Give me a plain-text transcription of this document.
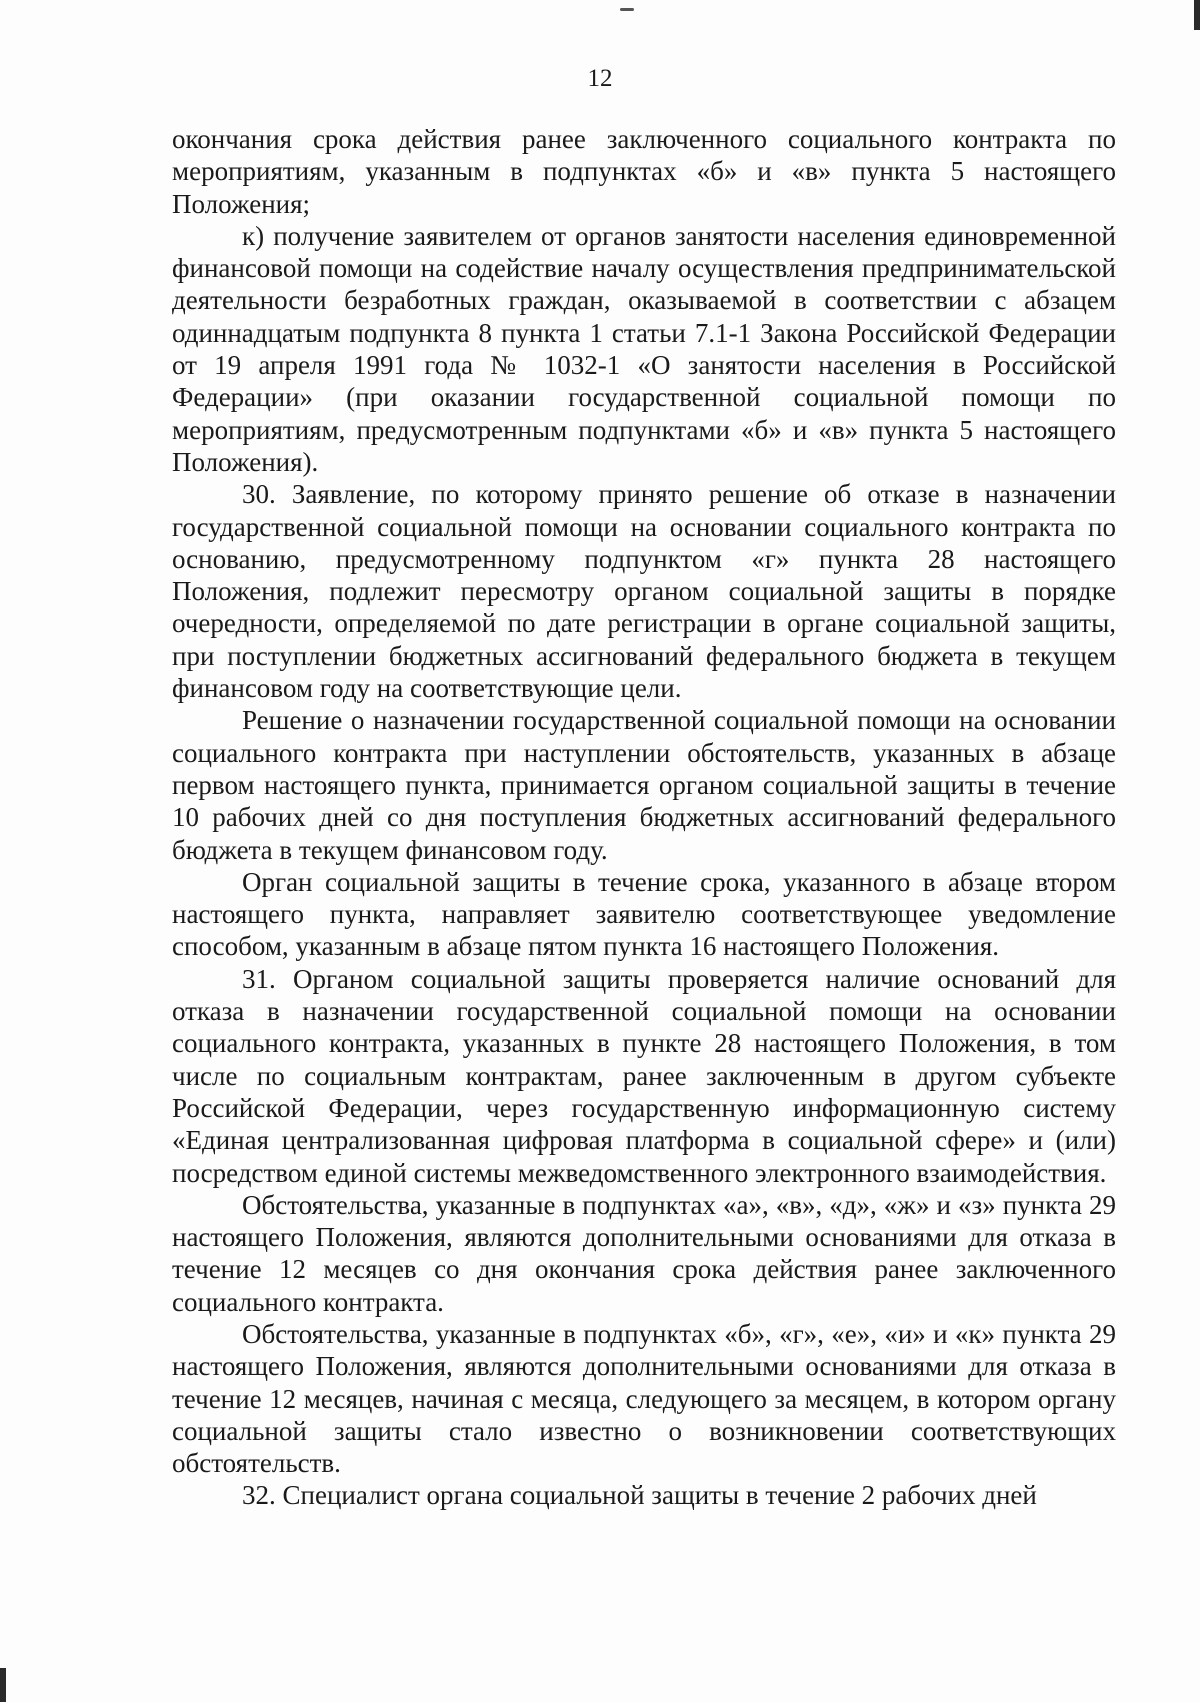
12

окончания срока действия ранее заключенного социального контракта по мероприятиям, указанным в подпунктах «б» и «в» пункта 5 настоящего Положения;

к) получение заявителем от органов занятости населения единовременной финансовой помощи на содействие началу осуществления предпринимательской деятельности безработных граждан, оказываемой в соответствии с абзацем одиннадцатым подпункта 8 пункта 1 статьи 7.1-1 Закона Российской Федерации от 19 апреля 1991 года № 1032-1 «О занятости населения в Российской Федерации» (при оказании государственной социальной помощи по мероприятиям, предусмотренным подпунктами «б» и «в» пункта 5 настоящего Положения).

30. Заявление, по которому принято решение об отказе в назначении государственной социальной помощи на основании социального контракта по основанию, предусмотренному подпунктом «г» пункта 28 настоящего Положения, подлежит пересмотру органом социальной защиты в порядке очередности, определяемой по дате регистрации в органе социальной защиты, при поступлении бюджетных ассигнований федерального бюджета в текущем финансовом году на соответствующие цели.

Решение о назначении государственной социальной помощи на основании социального контракта при наступлении обстоятельств, указанных в абзаце первом настоящего пункта, принимается органом социальной защиты в течение 10 рабочих дней со дня поступления бюджетных ассигнований федерального бюджета в текущем финансовом году.

Орган социальной защиты в течение срока, указанного в абзаце втором настоящего пункта, направляет заявителю соответствующее уведомление способом, указанным в абзаце пятом пункта 16 настоящего Положения.

31. Органом социальной защиты проверяется наличие оснований для отказа в назначении государственной социальной помощи на основании социального контракта, указанных в пункте 28 настоящего Положения, в том числе по социальным контрактам, ранее заключенным в другом субъекте Российской Федерации, через государственную информационную систему «Единая централизованная цифровая платформа в социальной сфере» и (или) посредством единой системы межведомственного электронного взаимодействия.

Обстоятельства, указанные в подпунктах «а», «в», «д», «ж» и «з» пункта 29 настоящего Положения, являются дополнительными основаниями для отказа в течение 12 месяцев со дня окончания срока действия ранее заключенного социального контракта.

Обстоятельства, указанные в подпунктах «б», «г», «е», «и» и «к» пункта 29 настоящего Положения, являются дополнительными основаниями для отказа в течение 12 месяцев, начиная с месяца, следующего за месяцем, в котором органу социальной защиты стало известно о возникновении соответствующих обстоятельств.

32. Специалист органа социальной защиты в течение 2 рабочих дней
